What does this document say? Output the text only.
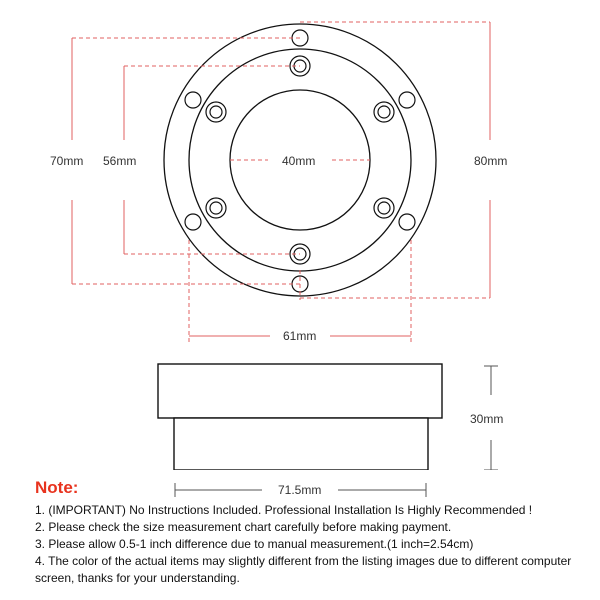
70mm 56mm	40mm	80mm
61mm
30mm
71.5mm
Note:
1. (IMPORTANT) No Instructions Included. Professional Installation Is Highly Recommended !
2. Please check the size measurement chart carefully before making payment.
3. Please allow 0.5-1 inch difference due to manual measurement.(1 inch=2.54cm)
4. The color of the actual items may slightly different from the listing images due to different computer screen, thanks for your understanding.
